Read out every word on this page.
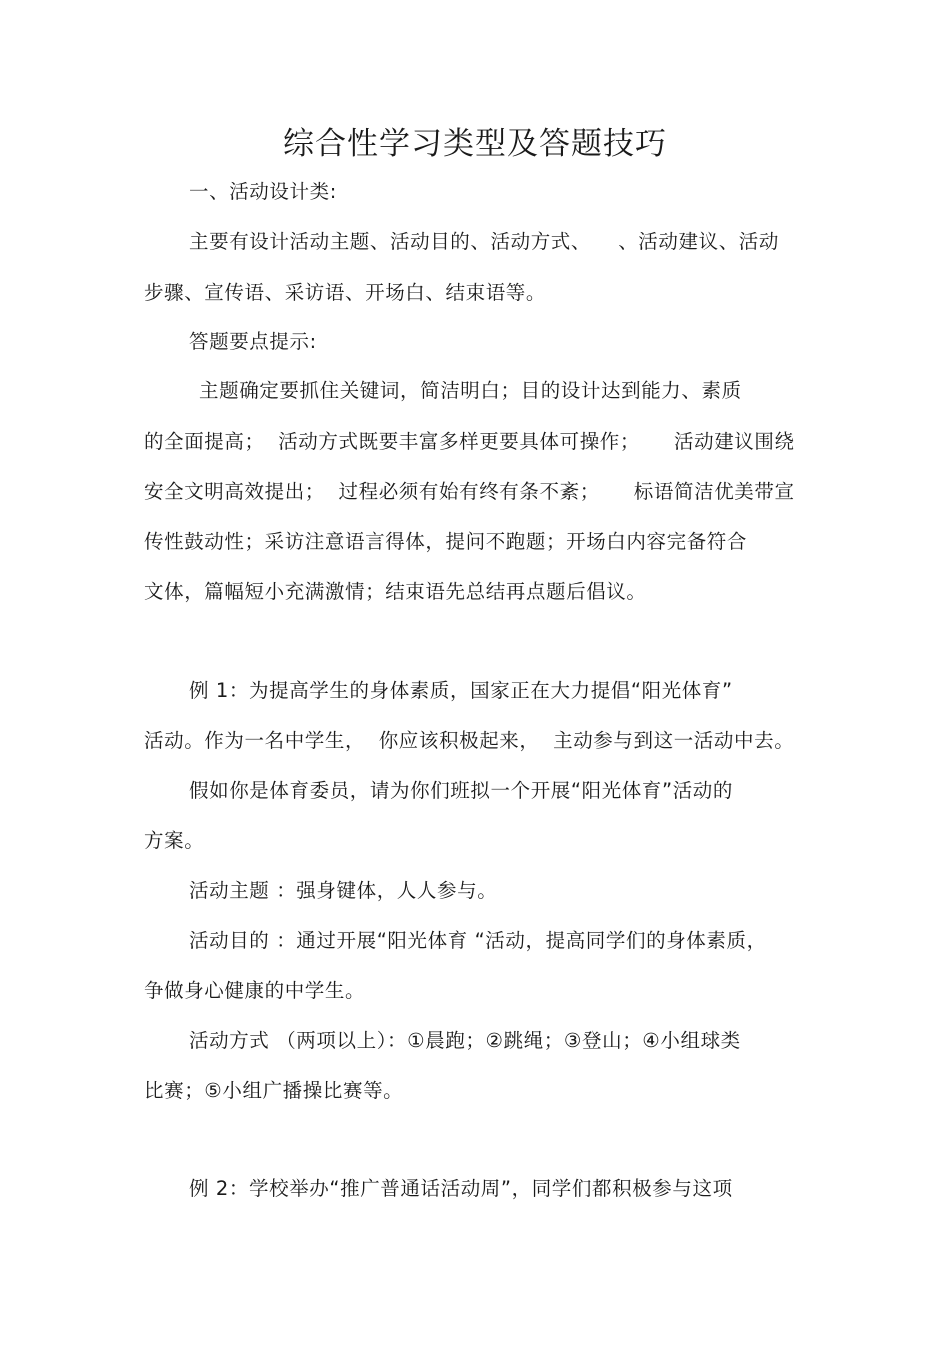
综合性学习类型及答题技巧
一、活动设计类:
主要有设计活动主题、活动目的、活动方式、    、活动建议、活动
步骤、宣传语、采访语、开场白、结束语等。
答题要点提示:
主题确定要抓住关键词，简洁明白；目的设计达到能力、素质
的全面提高；  活动方式既要丰富多样更要具体可操作；     活动建议围绕
安全文明高效提出；  过程必须有始有终有条不紊；     标语简洁优美带宣
传性鼓动性；采访注意语言得体，提问不跑题；开场白内容完备符合
文体，篇幅短小充满激情；结束语先总结再点题后倡议。
例 1：为提高学生的身体素质，国家正在大力提倡“阳光体育”
活动。作为一名中学生，  你应该积极起来，  主动参与到这一活动中去。
假如你是体育委员，请为你们班拟一个开展“阳光体育”活动的
方案。
活动主题 ：强身键体，人人参与。
活动目的 ：通过开展“阳光体育 “活动，提高同学们的身体素质，
争做身心健康的中学生。
活动方式 （两项以上）：①晨跑；②跳绳；③登山；④小组球类
比赛；⑤小组广播操比赛等。
例 2：学校举办“推广普通话活动周”，同学们都积极参与这项
